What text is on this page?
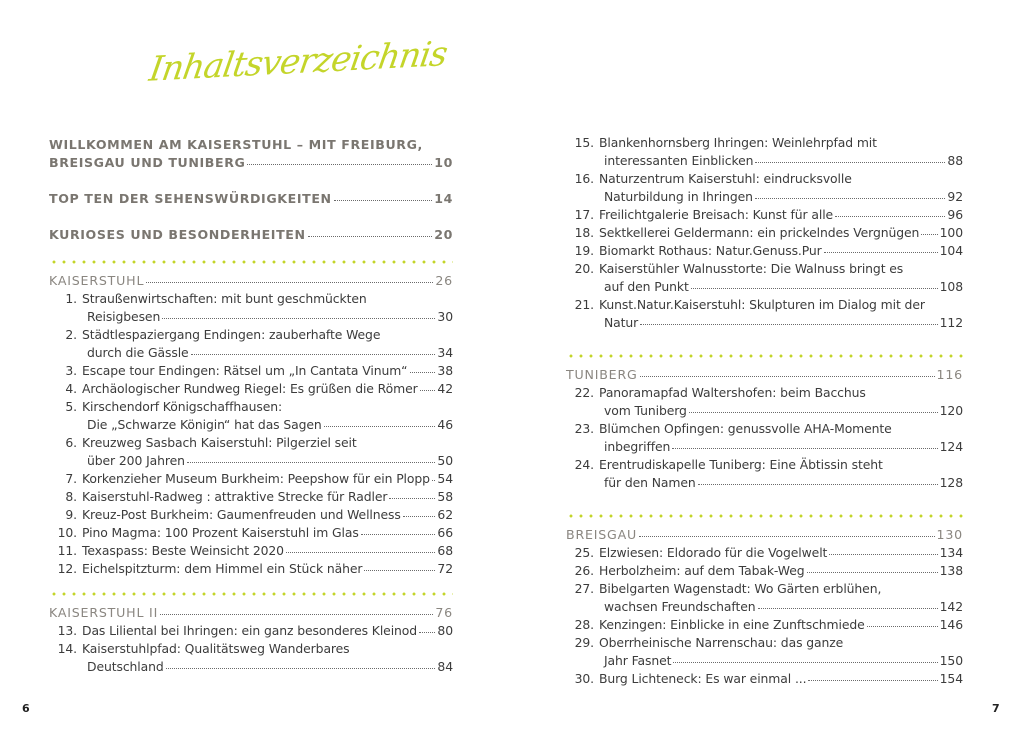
Inhaltsverzeichnis
WILLKOMMEN AM KAISERSTUHL – MIT FREIBURG,
BREISGAU UND TUNIBERG	10
TOP TEN DER SEHENSWÜRDIGKEITEN	14
KURIOSES UND BESONDERHEITEN	20
KAISERSTUHL	26
1. Straußenwirtschaften: mit bunt geschmückten
Reisigbesen	30
2. Städtlespaziergang Endingen: zauberhafte Wege
durch die Gässle	34
3. Escape tour Endingen: Rätsel um „In Cantata Vinum“ 38
4. Archäologischer Rundweg Riegel: Es grüßen die Römer 42
5. Kirschendorf Königschaffhausen:
Die „Schwarze Königin“ hat das Sagen	46
6. Kreuzweg Sasbach Kaiserstuhl: Pilgerziel seit
über 200 Jahren	50
7. Korkenzieher Museum Burkheim: Peepshow für ein Plopp 54
8. Kaiserstuhl-Radweg : attraktive Strecke für Radler	58
9. Kreuz-Post Burkheim: Gaumenfreuden und Wellness	62
10. Pino Magma: 100 Prozent Kaiserstuhl im Glas	66
11. Texaspass: Beste Weinsicht 2020	68
12. Eichelspitzturm: dem Himmel ein Stück näher	72
KAISERSTUHL II	76
13. Das Liliental bei Ihringen: ein ganz besonderes Kleinod 80
14. Kaiserstuhlpfad: Qualitätsweg Wanderbares
Deutschland	84
6
15. Blankenhornsberg Ihringen: Weinlehrpfad mit
interessanten Einblicken	88
16. Naturzentrum Kaiserstuhl: eindrucksvolle
Naturbildung in Ihringen	92
17. Freilichtgalerie Breisach: Kunst für alle	96
18. Sektkellerei Geldermann: ein prickelndes Vergnügen 100
19. Biomarkt Rothaus: Natur.Genuss.Pur	104
20. Kaiserstühler Walnusstorte: Die Walnuss bringt es
auf den Punkt	108
21. Kunst.Natur.Kaiserstuhl: Skulpturen im Dialog mit der
Natur	112
TUNIBERG	116
22. Panoramapfad Waltershofen: beim Bacchus
vom Tuniberg	120
23. Blümchen Opfingen: genussvolle AHA-Momente
inbegriffen	124
24. Erentrudiskapelle Tuniberg: Eine Äbtissin steht
für den Namen	128
BREISGAU	130
25. Elzwiesen: Eldorado für die Vogelwelt	134
26. Herbolzheim: auf dem Tabak-Weg	138
27. Bibelgarten Wagenstadt: Wo Gärten erblühen,
wachsen Freundschaften	142
28. Kenzingen: Einblicke in eine Zunftschmiede	146
29. Oberrheinische Narrenschau: das ganze
Jahr Fasnet	150
30. Burg Lichteneck: Es war einmal ...	154
7
